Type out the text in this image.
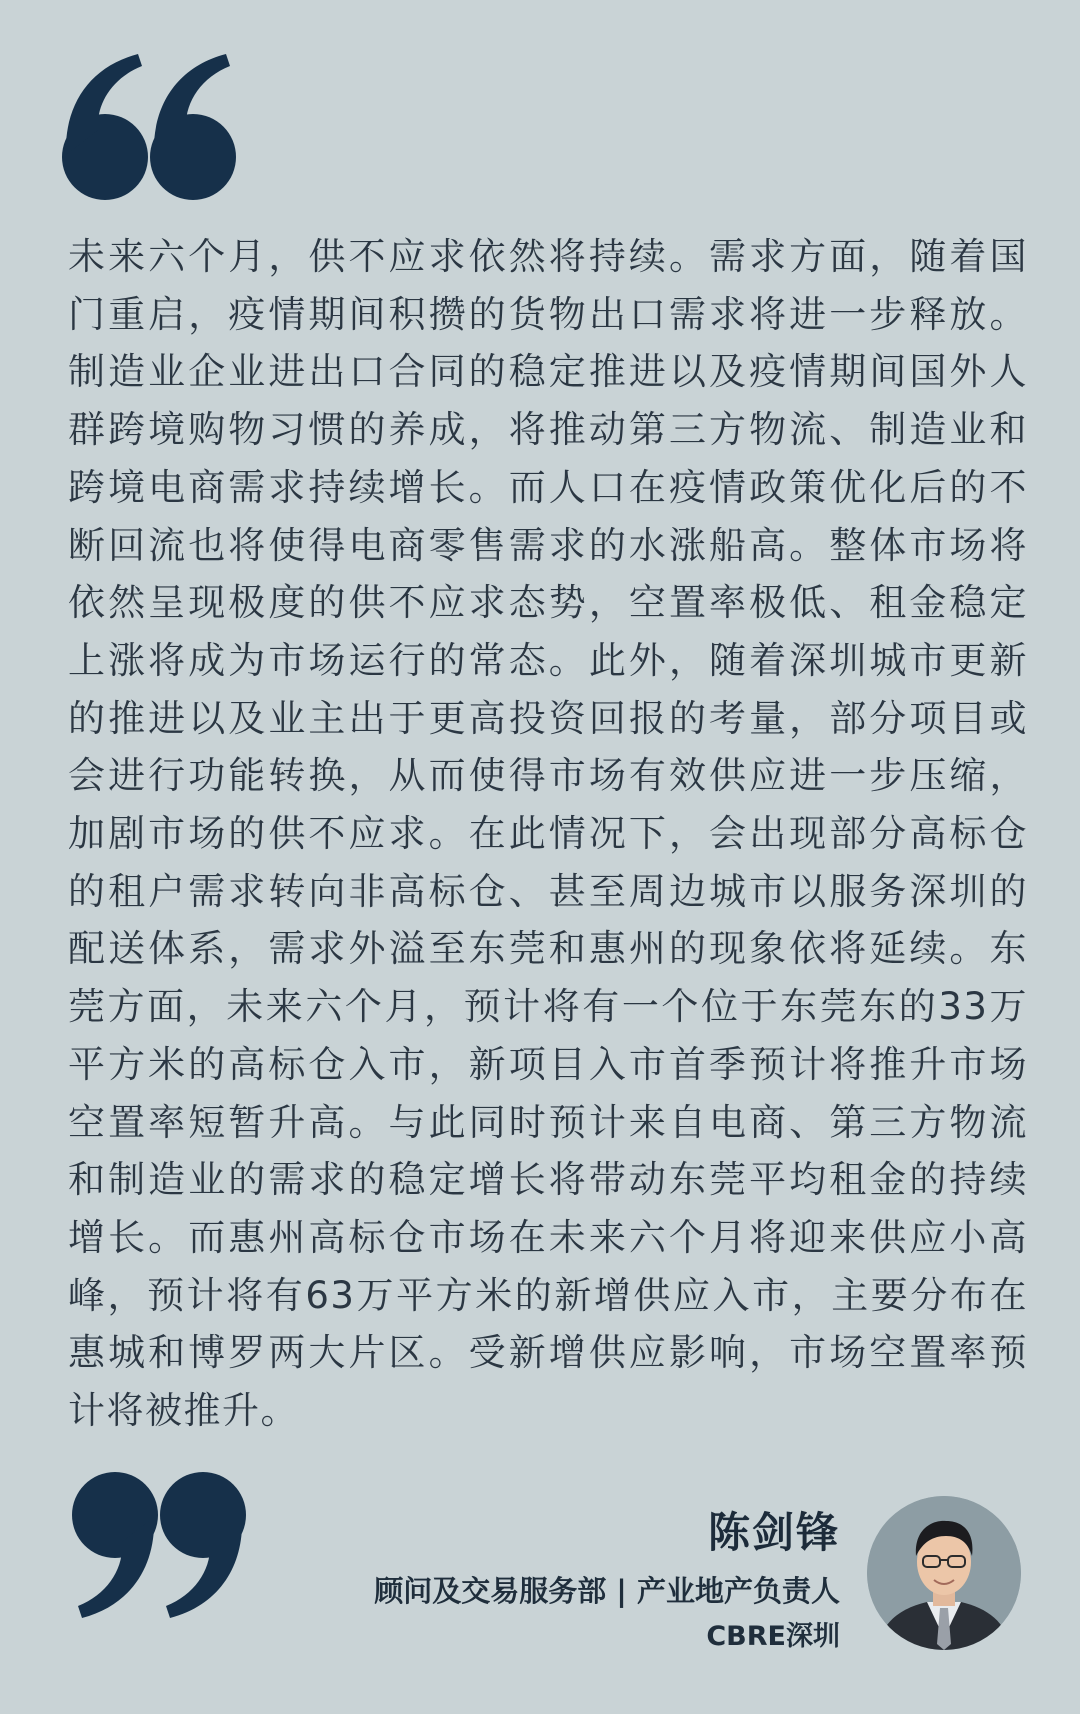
未来六个月，供不应求依然将持续。需求方面，随着国门重启，疫情期间积攒的货物出口需求将进一步释放。制造业企业进出口合同的稳定推进以及疫情期间国外人群跨境购物习惯的养成，将推动第三方物流、制造业和跨境电商需求持续增长。而人口在疫情政策优化后的不断回流也将使得电商零售需求的水涨船高。整体市场将依然呈现极度的供不应求态势，空置率极低、租金稳定上涨将成为市场运行的常态。此外，随着深圳城市更新的推进以及业主出于更高投资回报的考量，部分项目或会进行功能转换，从而使得市场有效供应进一步压缩，加剧市场的供不应求。在此情况下，会出现部分高标仓的租户需求转向非高标仓、甚至周边城市以服务深圳的配送体系，需求外溢至东莞和惠州的现象依将延续。东莞方面，未来六个月，预计将有一个位于东莞东的33万平方米的高标仓入市，新项目入市首季预计将推升市场空置率短暂升高。与此同时预计来自电商、第三方物流和制造业的需求的稳定增长将带动东莞平均租金的持续增长。而惠州高标仓市场在未来六个月将迎来供应小高峰，预计将有63万平方米的新增供应入市，主要分布在惠城和博罗两大片区。受新增供应影响，市场空置率预计将被推升。

陈剑锋
顾问及交易服务部 | 产业地产负责人
CBRE深圳
